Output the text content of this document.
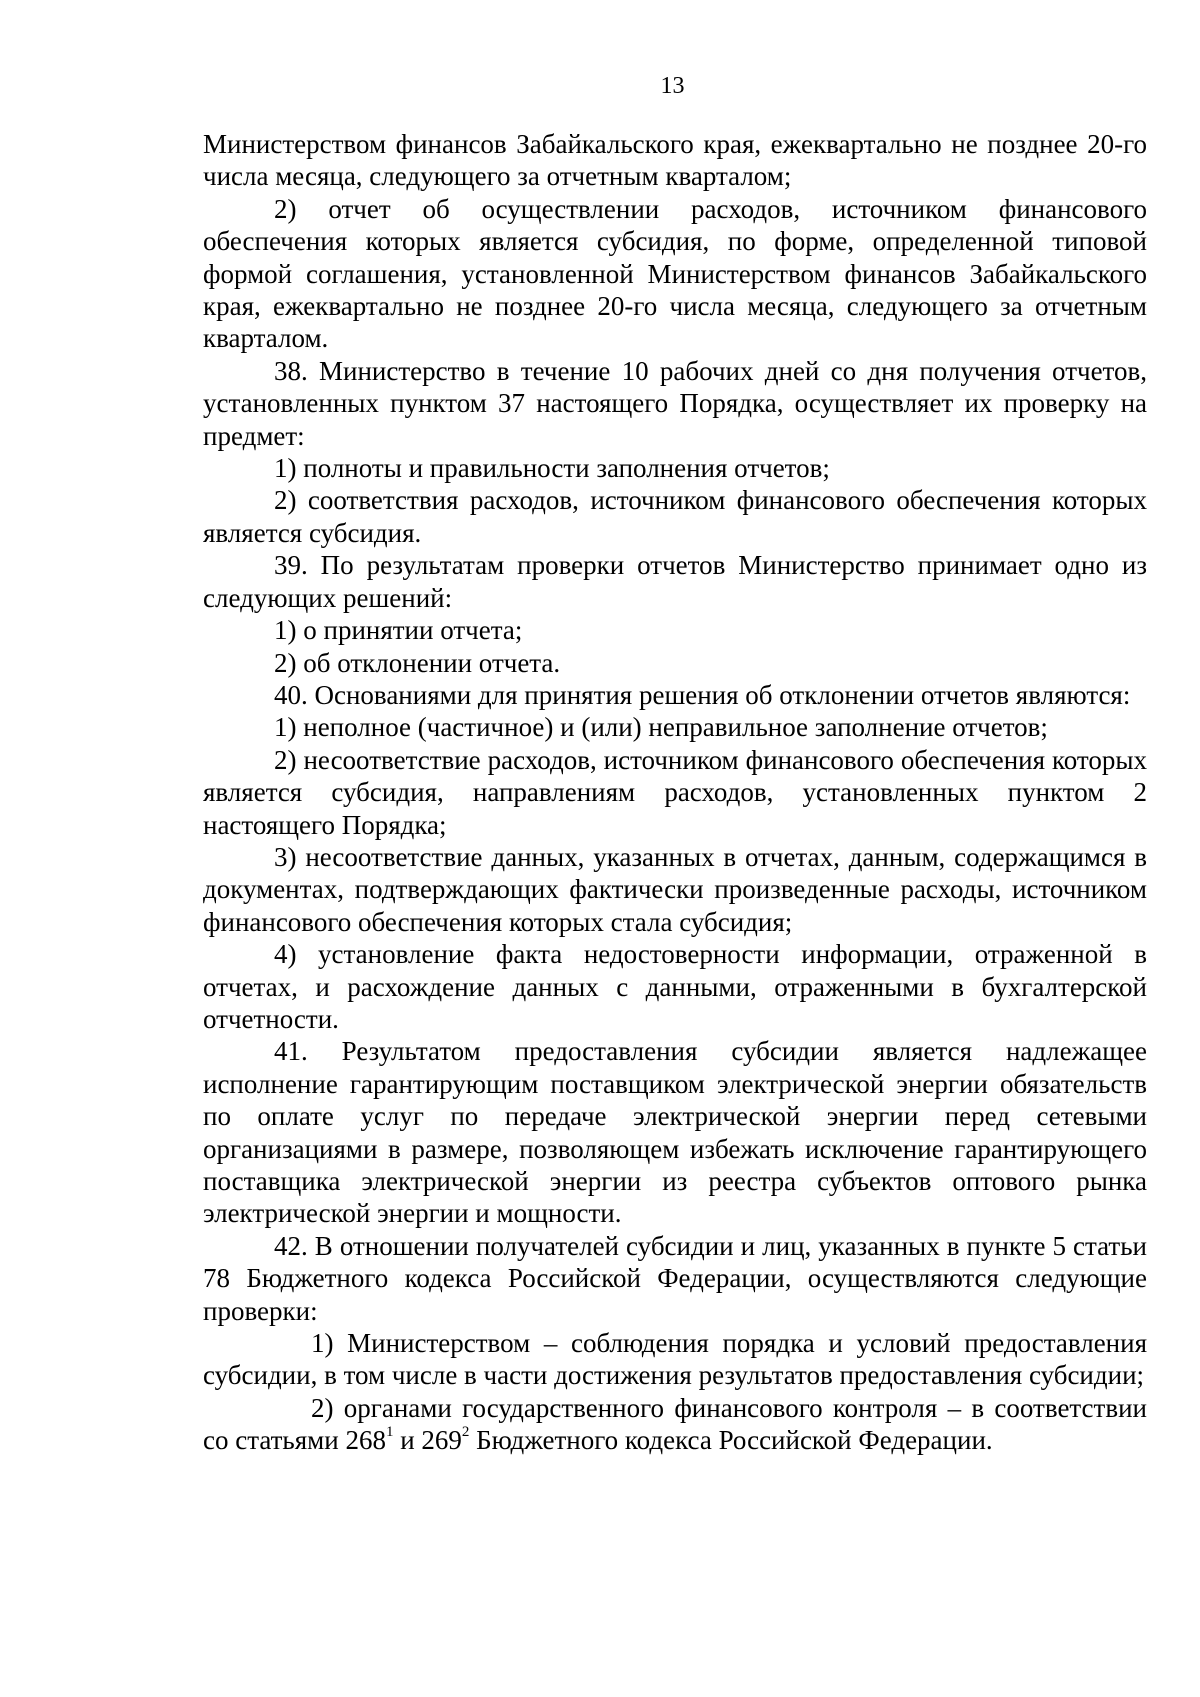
13

Министерством финансов Забайкальского края, ежеквартально не позднее 20-го числа месяца, следующего за отчетным кварталом;

2) отчет об осуществлении расходов, источником финансового обеспечения которых является субсидия, по форме, определенной типовой формой соглашения, установленной Министерством финансов Забайкальского края, ежеквартально не позднее 20-го числа месяца, следующего за отчетным кварталом.

38. Министерство в течение 10 рабочих дней со дня получения отчетов, установленных пунктом 37 настоящего Порядка, осуществляет их проверку на предмет:

1) полноты и правильности заполнения отчетов;

2) соответствия расходов, источником финансового обеспечения которых является субсидия.

39. По результатам проверки отчетов Министерство принимает одно из следующих решений:

1) о принятии отчета;

2) об отклонении отчета.

40. Основаниями для принятия решения об отклонении отчетов являются:

1) неполное (частичное) и (или) неправильное заполнение отчетов;

2) несоответствие расходов, источником финансового обеспечения которых является субсидия, направлениям расходов, установленных пунктом 2 настоящего Порядка;

3) несоответствие данных, указанных в отчетах, данным, содержащимся в документах, подтверждающих фактически произведенные расходы, источником финансового обеспечения которых стала субсидия;

4) установление факта недостоверности информации, отраженной в отчетах, и расхождение данных с данными, отраженными в бухгалтерской отчетности.

41. Результатом предоставления субсидии является надлежащее исполнение гарантирующим поставщиком электрической энергии обязательств по оплате услуг по передаче электрической энергии перед сетевыми организациями в размере, позволяющем избежать исключение гарантирующего поставщика электрической энергии из реестра субъектов оптового рынка электрической энергии и мощности.

42. В отношении получателей субсидии и лиц, указанных в пункте 5 статьи 78 Бюджетного кодекса Российской Федерации, осуществляются следующие проверки:

1) Министерством – соблюдения порядка и условий предоставления субсидии, в том числе в части достижения результатов предоставления субсидии;

2) органами государственного финансового контроля – в соответствии со статьями $268^1$ и $269^2$ Бюджетного кодекса Российской Федерации.
